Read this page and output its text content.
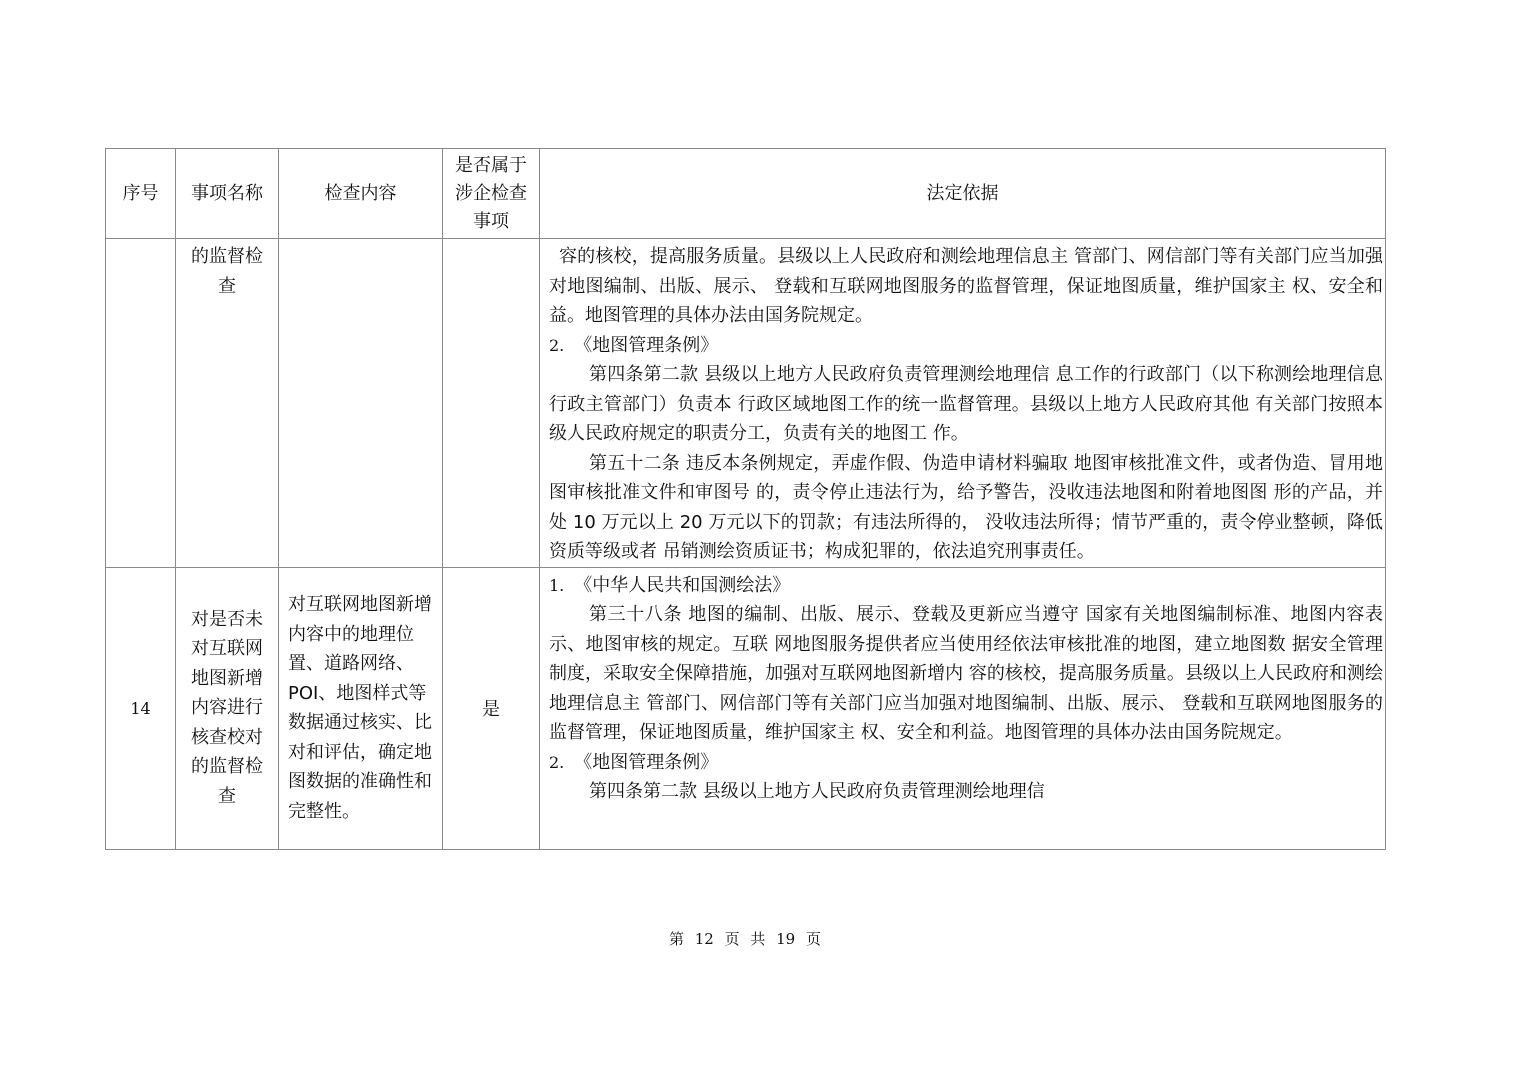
序号	事项名称	检查内容	是否属于涉企检查事项	法定依据
	的监督检查			容的核校，提高服务质量。县级以上人民政府和测绘地理信息主 管部门、网信部门等有关部门应当加强对地图编制、出版、展示、 登载和互联网地图服务的监督管理，保证地图质量，维护国家主 权、安全和益。地图管理的具体办法由国务院规定。

2. 《地图管理条例》

第四条第二款 县级以上地方人民政府负责管理测绘地理信 息工作的行政部门（以下称测绘地理信息行政主管部门）负责本 行政区域地图工作的统一监督管理。县级以上地方人民政府其他 有关部门按照本级人民政府规定的职责分工，负责有关的地图工 作。

第五十二条 违反本条例规定，弄虚作假、伪造申请材料骗取 地图审核批准文件，或者伪造、冒用地图审核批准文件和审图号 的，责令停止违法行为，给予警告，没收违法地图和附着地图图 形的产品，并处 10 万元以上 20 万元以下的罚款；有违法所得的， 没收违法所得；情节严重的，责令停业整顿，降低资质等级或者 吊销测绘资质证书；构成犯罪的，依法追究刑事责任。

14	对是否未对互联网地图新增内容进行核查校对的监督检查	对互联网地图新增内容中的地理位置、道路网络、POI、地图样式等数据通过核实、比对和评估，确定地图数据的准确性和完整性。	是	1. 《中华人民共和国测绘法》

第三十八条 地图的编制、出版、展示、登载及更新应当遵守 国家有关地图编制标准、地图内容表示、地图审核的规定。互联 网地图服务提供者应当使用经依法审核批准的地图，建立地图数 据安全管理制度，采取安全保障措施，加强对互联网地图新增内 容的核校，提高服务质量。县级以上人民政府和测绘地理信息主 管部门、网信部门等有关部门应当加强对地图编制、出版、展示、 登载和互联网地图服务的监督管理，保证地图质量，维护国家主 权、安全和利益。地图管理的具体办法由国务院规定。

2. 《地图管理条例》

第四条第二款 县级以上地方人民政府负责管理测绘地理信

第 12 页 共 19 页
